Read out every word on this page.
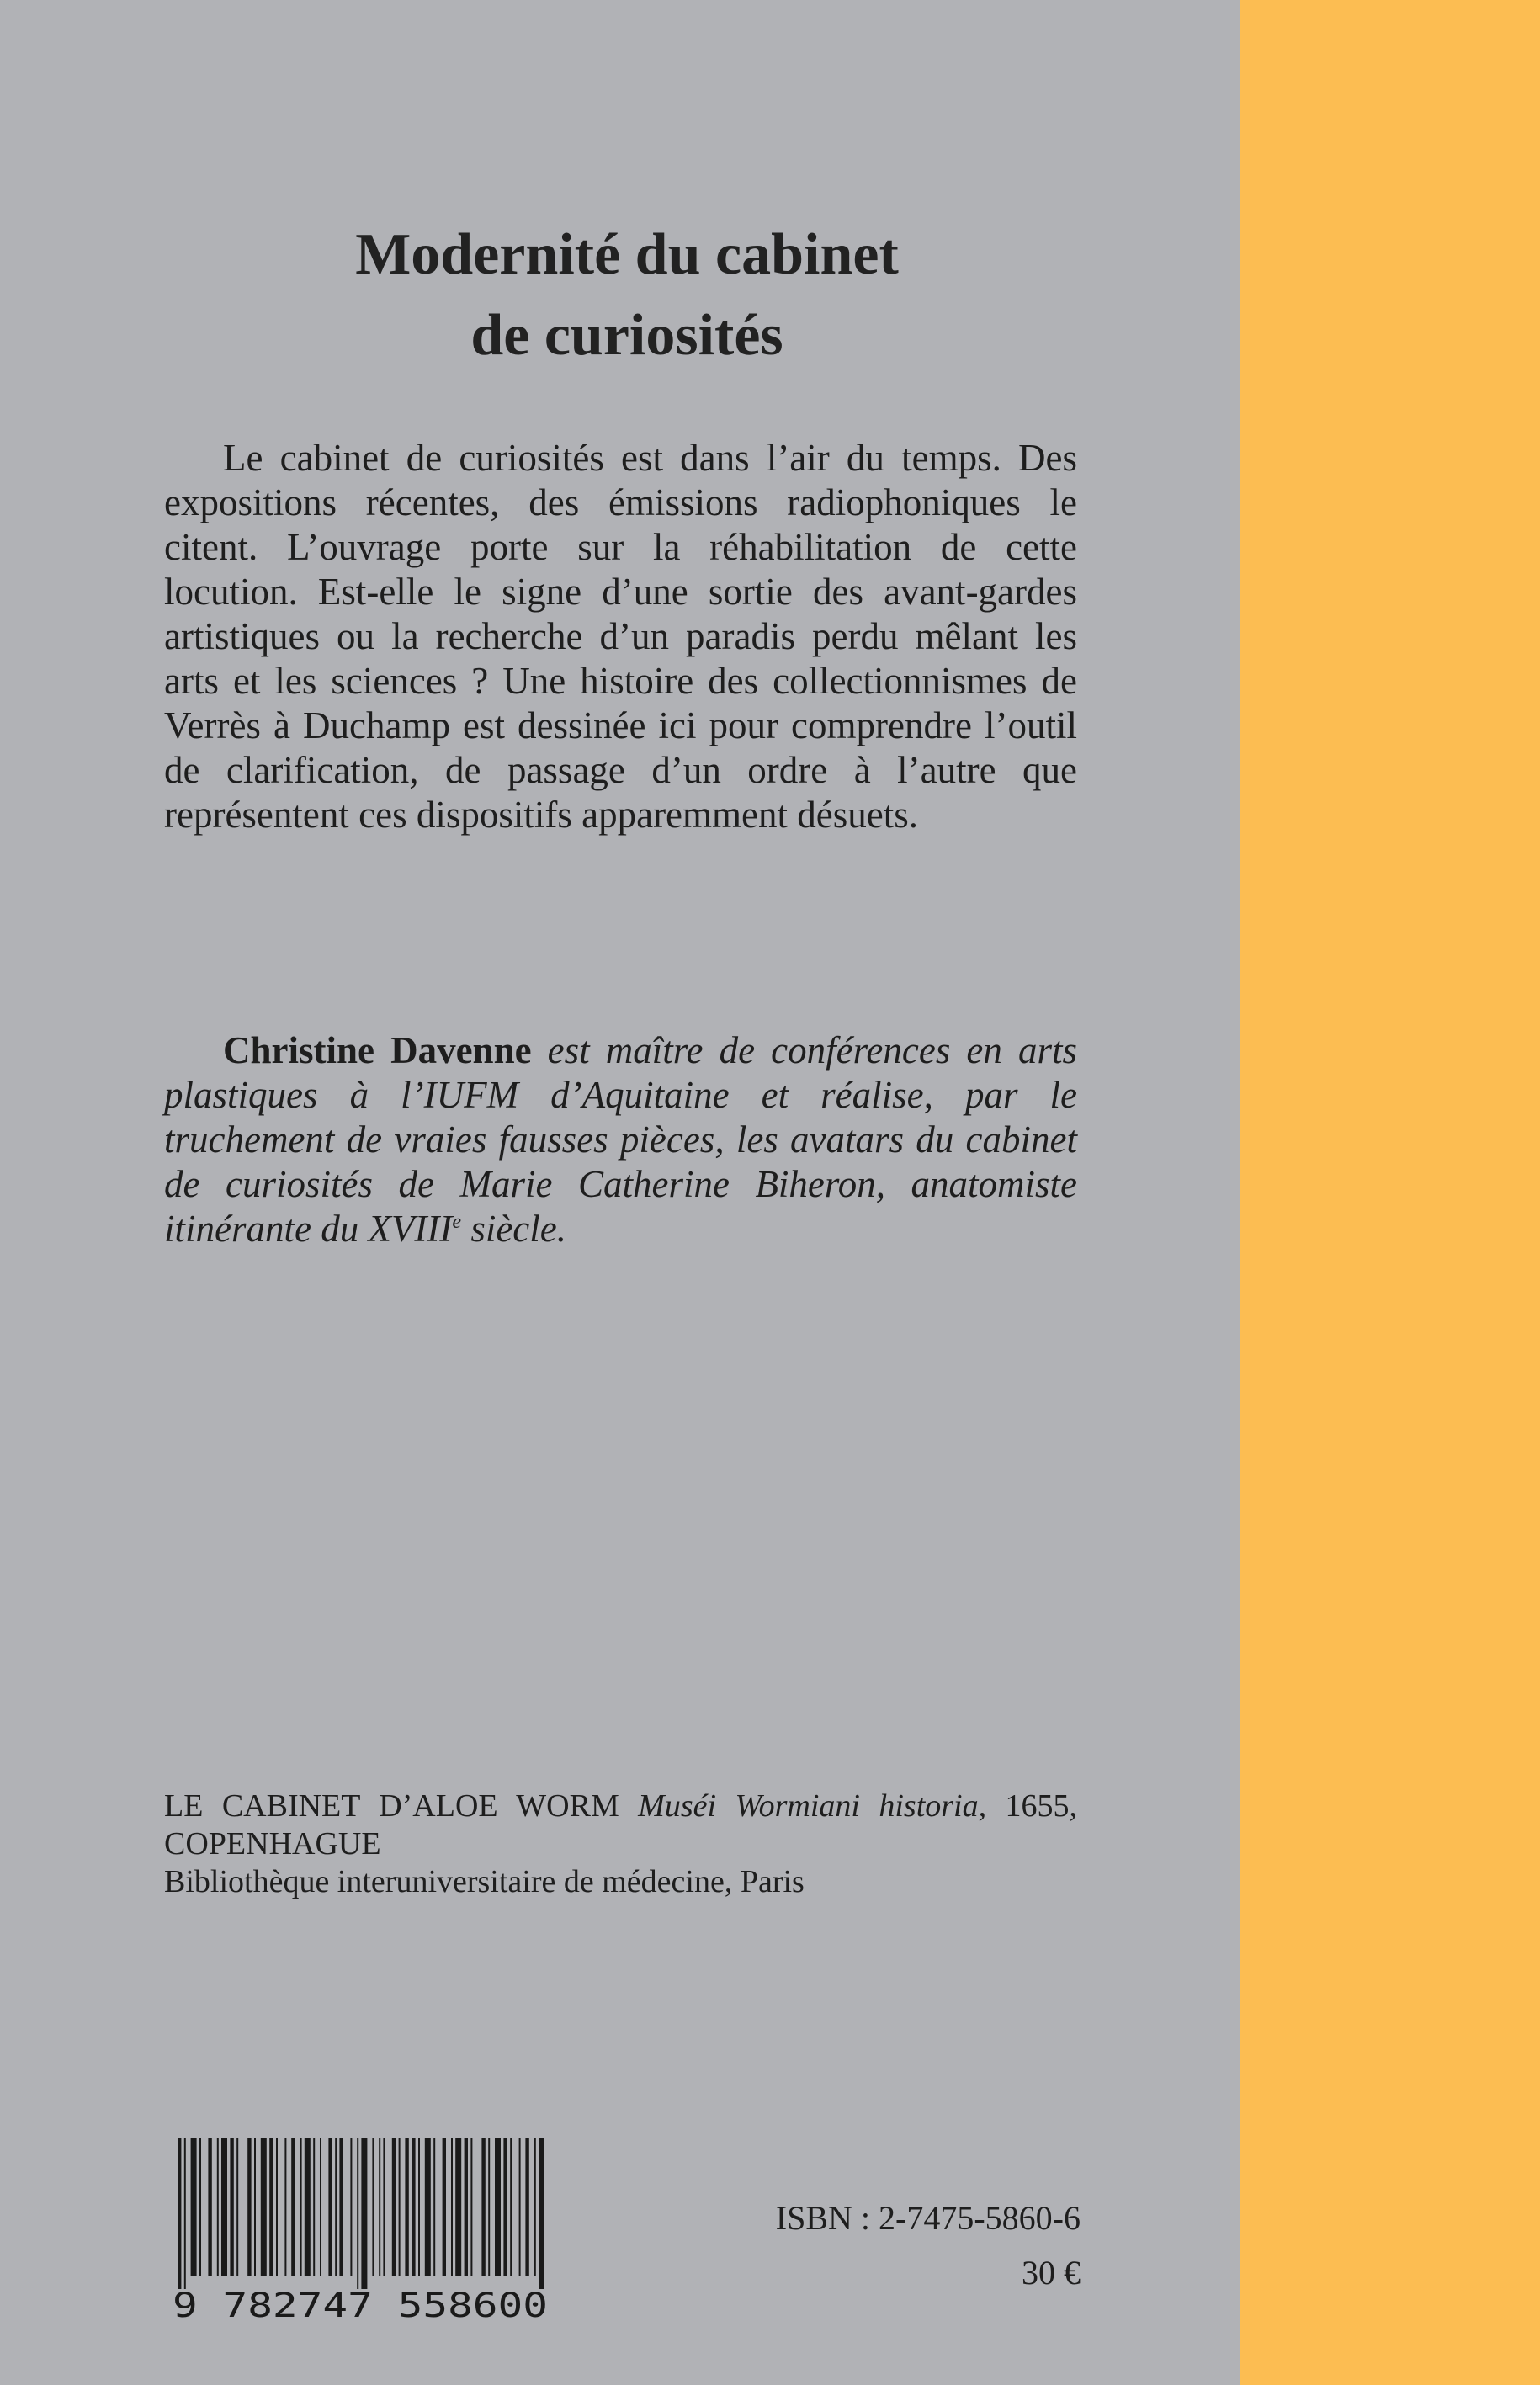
Modernité du cabinet
de curiosités

Le cabinet de curiosités est dans l’air du temps. Des expositions récentes, des émissions radiophoniques le citent. L’ouvrage porte sur la réhabilitation de cette locution. Est-elle le signe d’une sortie des avant-gardes artistiques ou la recherche d’un paradis perdu mêlant les arts et les sciences ? Une histoire des collectionnismes de Verrès à Duchamp est dessinée ici pour comprendre l’outil de clarification, de passage d’un ordre à l’autre que représentent ces dispositifs apparemment désuets.

Christine Davenne est maître de conférences en arts plastiques à l’IUFM d’Aquitaine et réalise, par le truchement de vraies fausses pièces, les avatars du cabinet de curiosités de Marie Catherine Biheron, anatomiste itinérante du XVIIIe siècle.

LE CABINET D’ALOE WORM Muséi Wormiani historia, 1655, COPENHAGUE

Bibliothèque interuniversitaire de médecine, Paris
9 782747 558600
ISBN : 2-7475-5860-6
30 €
